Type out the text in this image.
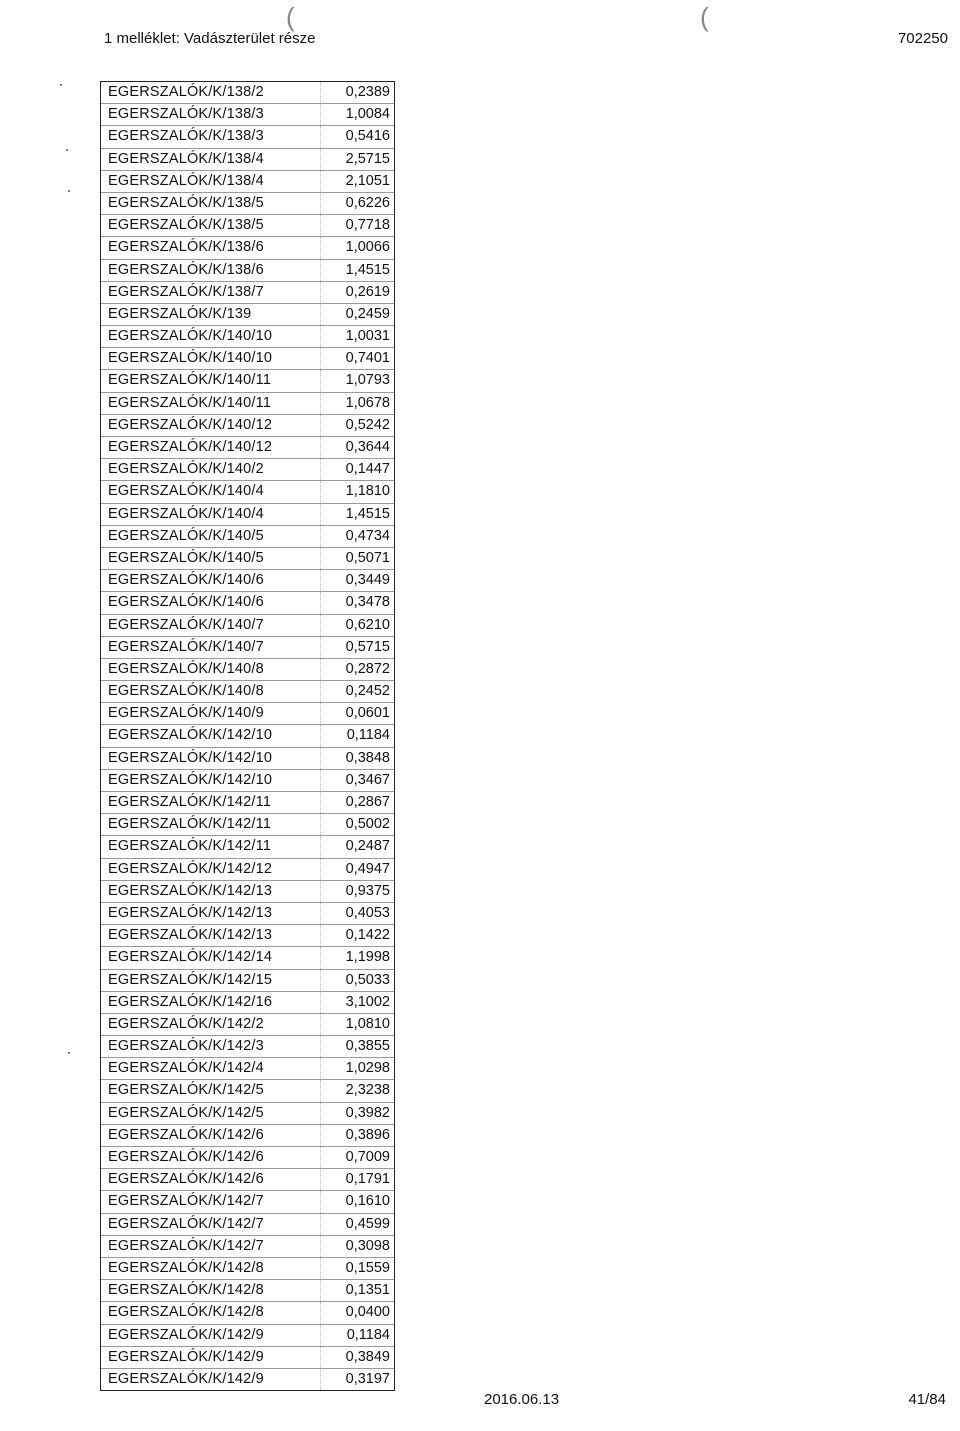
1 melléklet: Vadászterület része	702250
(	(
EGERSZALÓK/K/138/2	0,2389
EGERSZALÓK/K/138/3	1,0084
EGERSZALÓK/K/138/3	0,5416
EGERSZALÓK/K/138/4	2,5715
EGERSZALÓK/K/138/4	2,1051
EGERSZALÓK/K/138/5	0,6226
EGERSZALÓK/K/138/5	0,7718
EGERSZALÓK/K/138/6	1,0066
EGERSZALÓK/K/138/6	1,4515
EGERSZALÓK/K/138/7	0,2619
EGERSZALÓK/K/139	0,2459
EGERSZALÓK/K/140/10	1,0031
EGERSZALÓK/K/140/10	0,7401
EGERSZALÓK/K/140/11	1,0793
EGERSZALÓK/K/140/11	1,0678
EGERSZALÓK/K/140/12	0,5242
EGERSZALÓK/K/140/12	0,3644
EGERSZALÓK/K/140/2	0,1447
EGERSZALÓK/K/140/4	1,1810
EGERSZALÓK/K/140/4	1,4515
EGERSZALÓK/K/140/5	0,4734
EGERSZALÓK/K/140/5	0,5071
EGERSZALÓK/K/140/6	0,3449
EGERSZALÓK/K/140/6	0,3478
EGERSZALÓK/K/140/7	0,6210
EGERSZALÓK/K/140/7	0,5715
EGERSZALÓK/K/140/8	0,2872
EGERSZALÓK/K/140/8	0,2452
EGERSZALÓK/K/140/9	0,0601
EGERSZALÓK/K/142/10	0,1184
EGERSZALÓK/K/142/10	0,3848
EGERSZALÓK/K/142/10	0,3467
EGERSZALÓK/K/142/11	0,2867
EGERSZALÓK/K/142/11	0,5002
EGERSZALÓK/K/142/11	0,2487
EGERSZALÓK/K/142/12	0,4947
EGERSZALÓK/K/142/13	0,9375
EGERSZALÓK/K/142/13	0,4053
EGERSZALÓK/K/142/13	0,1422
EGERSZALÓK/K/142/14	1,1998
EGERSZALÓK/K/142/15	0,5033
EGERSZALÓK/K/142/16	3,1002
EGERSZALÓK/K/142/2	1,0810
EGERSZALÓK/K/142/3	0,3855
EGERSZALÓK/K/142/4	1,0298
EGERSZALÓK/K/142/5	2,3238
EGERSZALÓK/K/142/5	0,3982
EGERSZALÓK/K/142/6	0,3896
EGERSZALÓK/K/142/6	0,7009
EGERSZALÓK/K/142/6	0,1791
EGERSZALÓK/K/142/7	0,1610
EGERSZALÓK/K/142/7	0,4599
EGERSZALÓK/K/142/7	0,3098
EGERSZALÓK/K/142/8	0,1559
EGERSZALÓK/K/142/8	0,1351
EGERSZALÓK/K/142/8	0,0400
EGERSZALÓK/K/142/9	0,1184
EGERSZALÓK/K/142/9	0,3849
EGERSZALÓK/K/142/9	0,3197
2016.06.13	41/84
